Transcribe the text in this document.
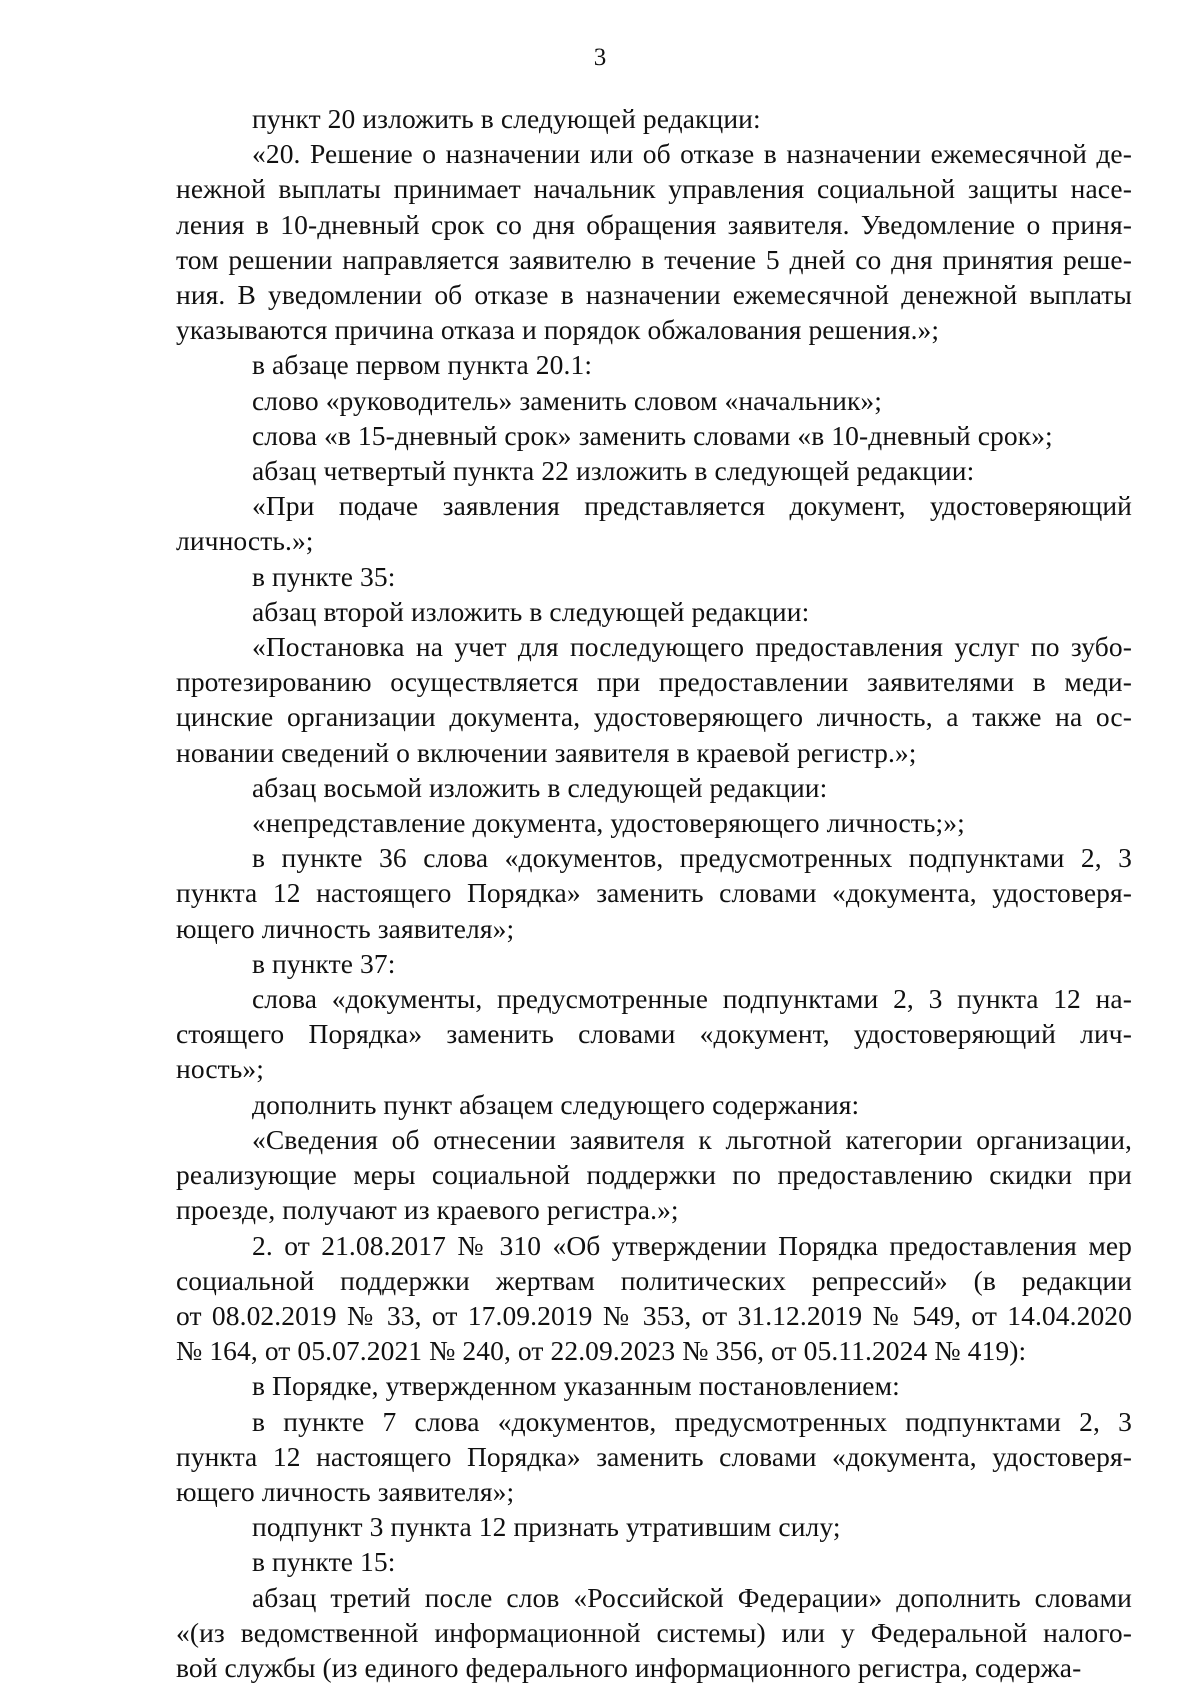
3
пункт 20 изложить в следующей редакции:
«20. Решение о назначении или об отказе в назначении ежемесячной де-
нежной выплаты принимает начальник управления социальной защиты насе-
ления в 10-дневный срок со дня обращения заявителя. Уведомление о приня-
том решении направляется заявителю в течение 5 дней со дня принятия реше-
ния. В уведомлении об отказе в назначении ежемесячной денежной выплаты
указываются причина отказа и порядок обжалования решения.»;
в абзаце первом пункта 20.1:
слово «руководитель» заменить словом «начальник»;
слова «в 15-дневный срок» заменить словами «в 10-дневный срок»;
абзац четвертый пункта 22 изложить в следующей редакции:
«При подаче заявления представляется документ, удостоверяющий
личность.»;
в пункте 35:
абзац второй изложить в следующей редакции:
«Постановка на учет для последующего предоставления услуг по зубо-
протезированию осуществляется при предоставлении заявителями в меди-
цинские организации документа, удостоверяющего личность, а также на ос-
новании сведений о включении заявителя в краевой регистр.»;
абзац восьмой изложить в следующей редакции:
«непредставление документа, удостоверяющего личность;»;
в пункте 36 слова «документов, предусмотренных подпунктами 2, 3
пункта 12 настоящего Порядка» заменить словами «документа, удостоверя-
ющего личность заявителя»;
в пункте 37:
слова «документы, предусмотренные подпунктами 2, 3 пункта 12 на-
стоящего Порядка» заменить словами «документ, удостоверяющий лич-
ность»;
дополнить пункт абзацем следующего содержания:
«Сведения об отнесении заявителя к льготной категории организации,
реализующие меры социальной поддержки по предоставлению скидки при
проезде, получают из краевого регистра.»;
2. от 21.08.2017 № 310 «Об утверждении Порядка предоставления мер
социальной поддержки жертвам политических репрессий» (в редакции
от 08.02.2019 № 33, от 17.09.2019 № 353, от 31.12.2019 № 549, от 14.04.2020
№ 164, от 05.07.2021 № 240, от 22.09.2023 № 356, от 05.11.2024 № 419):
в Порядке, утвержденном указанным постановлением:
в пункте 7 слова «документов, предусмотренных подпунктами 2, 3
пункта 12 настоящего Порядка» заменить словами «документа, удостоверя-
ющего личность заявителя»;
подпункт 3 пункта 12 признать утратившим силу;
в пункте 15:
абзац третий после слов «Российской Федерации» дополнить словами
«(из ведомственной информационной системы) или у Федеральной налого-
вой службы (из единого федерального информационного регистра, содержа-
